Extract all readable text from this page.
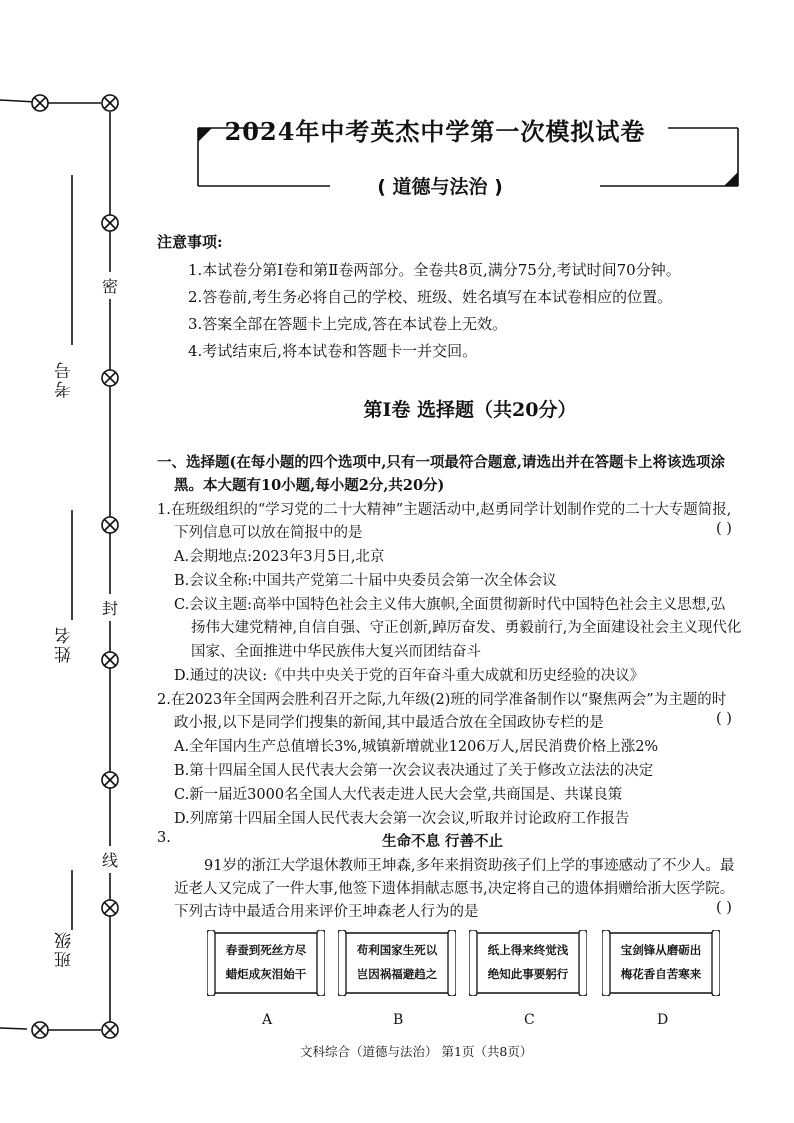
考号
姓名
班级
密
封
线
2024年中考英杰中学第一次模拟试卷
( 道德与法治 )
注意事项:
1.本试卷分第Ⅰ卷和第Ⅱ卷两部分。全卷共8页,满分75分,考试时间70分钟。
2.答卷前,考生务必将自己的学校、班级、姓名填写在本试卷相应的位置。
3.答案全部在答题卡上完成,答在本试卷上无效。
4.考试结束后,将本试卷和答题卡一并交回。
第Ⅰ卷 选择题（共20分）
一、选择题(在每小题的四个选项中,只有一项最符合题意,请选出并在答题卡上将该选项涂
黑。本大题有10小题,每小题2分,共20分)
1.在班级组织的“学习党的二十大精神”主题活动中,赵勇同学计划制作党的二十大专题简报,
下列信息可以放在简报中的是	( )
A.会期地点:2023年3月5日,北京
B.会议全称:中国共产党第二十届中央委员会第一次全体会议
C.会议主题:高举中国特色社会主义伟大旗帜,全面贯彻新时代中国特色社会主义思想,弘
扬伟大建党精神,自信自强、守正创新,踔厉奋发、勇毅前行,为全面建设社会主义现代化
国家、全面推进中华民族伟大复兴而团结奋斗
D.通过的决议:《中共中央关于党的百年奋斗重大成就和历史经验的决议》
2.在2023年全国两会胜利召开之际,九年级(2)班的同学准备制作以“聚焦两会”为主题的时
政小报,以下是同学们搜集的新闻,其中最适合放在全国政协专栏的是	( )
A.全年国内生产总值增长3%,城镇新增就业1206万人,居民消费价格上涨2%
B.第十四届全国人民代表大会第一次会议表决通过了关于修改立法法的决定
C.新一届近3000名全国人大代表走进人民大会堂,共商国是、共谋良策
D.列席第十四届全国人民代表大会第一次会议,听取并讨论政府工作报告
3.	生命不息 行善不止
91岁的浙江大学退休教师王坤森,多年来捐资助孩子们上学的事迹感动了不少人。最
近老人又完成了一件大事,他签下遗体捐献志愿书,决定将自己的遗体捐赠给浙大医学院。
下列古诗中最适合用来评价王坤森老人行为的是	( )
春蚕到死丝方尽
蜡炬成灰泪始干
苟利国家生死以
岂因祸福避趋之
纸上得来终觉浅
绝知此事要躬行
宝剑锋从磨砺出
梅花香自苦寒来
A	B	C	D
文科综合（道德与法治） 第1页（共8页）
